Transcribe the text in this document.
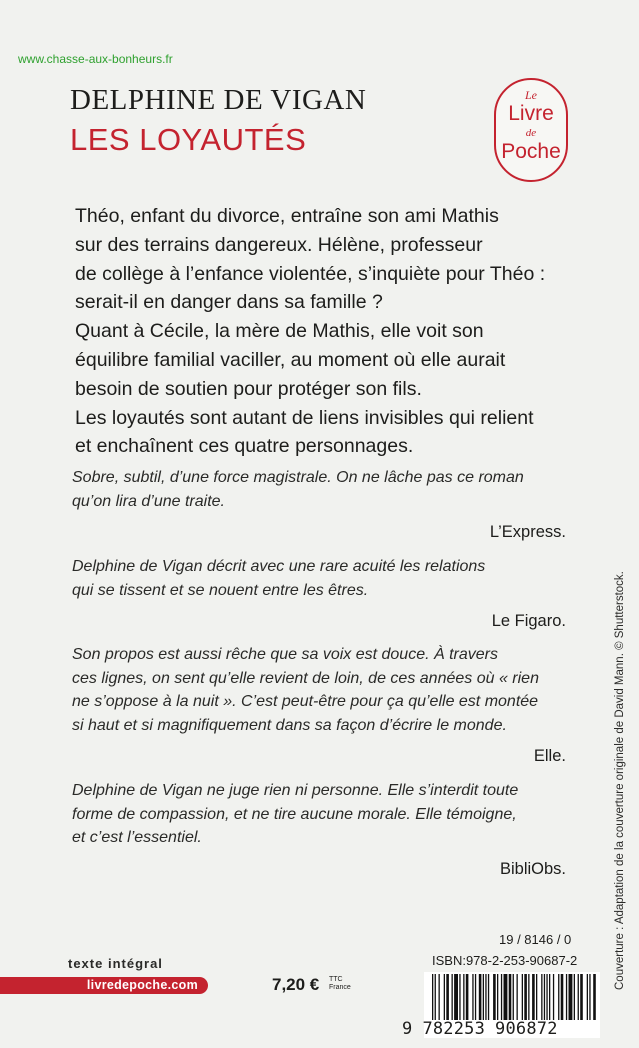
www.chasse-aux-bonheurs.fr
DELPHINE DE VIGAN
LES LOYAUTÉS
Le
Livre
de
Poche
Théo, enfant du divorce, entraîne son ami Mathis
sur des terrains dangereux. Hélène, professeur
de collège à l’enfance violentée, s’inquiète pour Théo :
serait-il en danger dans sa famille ?
Quant à Cécile, la mère de Mathis, elle voit son
équilibre familial vaciller, au moment où elle aurait
besoin de soutien pour protéger son fils.
Les loyautés sont autant de liens invisibles qui relient
et enchaînent ces quatre personnages.
Sobre, subtil, d’une force magistrale. On ne lâche pas ce roman
qu’on lira d’une traite.
L’Express.
Delphine de Vigan décrit avec une rare acuité les relations
qui se tissent et se nouent entre les êtres.
Le Figaro.
Son propos est aussi rêche que sa voix est douce. À travers
ces lignes, on sent qu’elle revient de loin, de ces années où « rien
ne s’oppose à la nuit ». C’est peut-être pour ça qu’elle est montée
si haut et si magnifiquement dans sa façon d’écrire le monde.
Elle.
Delphine de Vigan ne juge rien ni personne. Elle s’interdit toute
forme de compassion, et ne tire aucune morale. Elle témoigne,
et c’est l’essentiel.
BibliObs.	Couverture : Adaptation de la couverture originale de David Mann. © Shutterstock.
texte intégral
livredepoche.com	7,20 € TTC
France
19 / 8146 / 0
ISBN:978-2-253-90687-2
9 782253 906872
